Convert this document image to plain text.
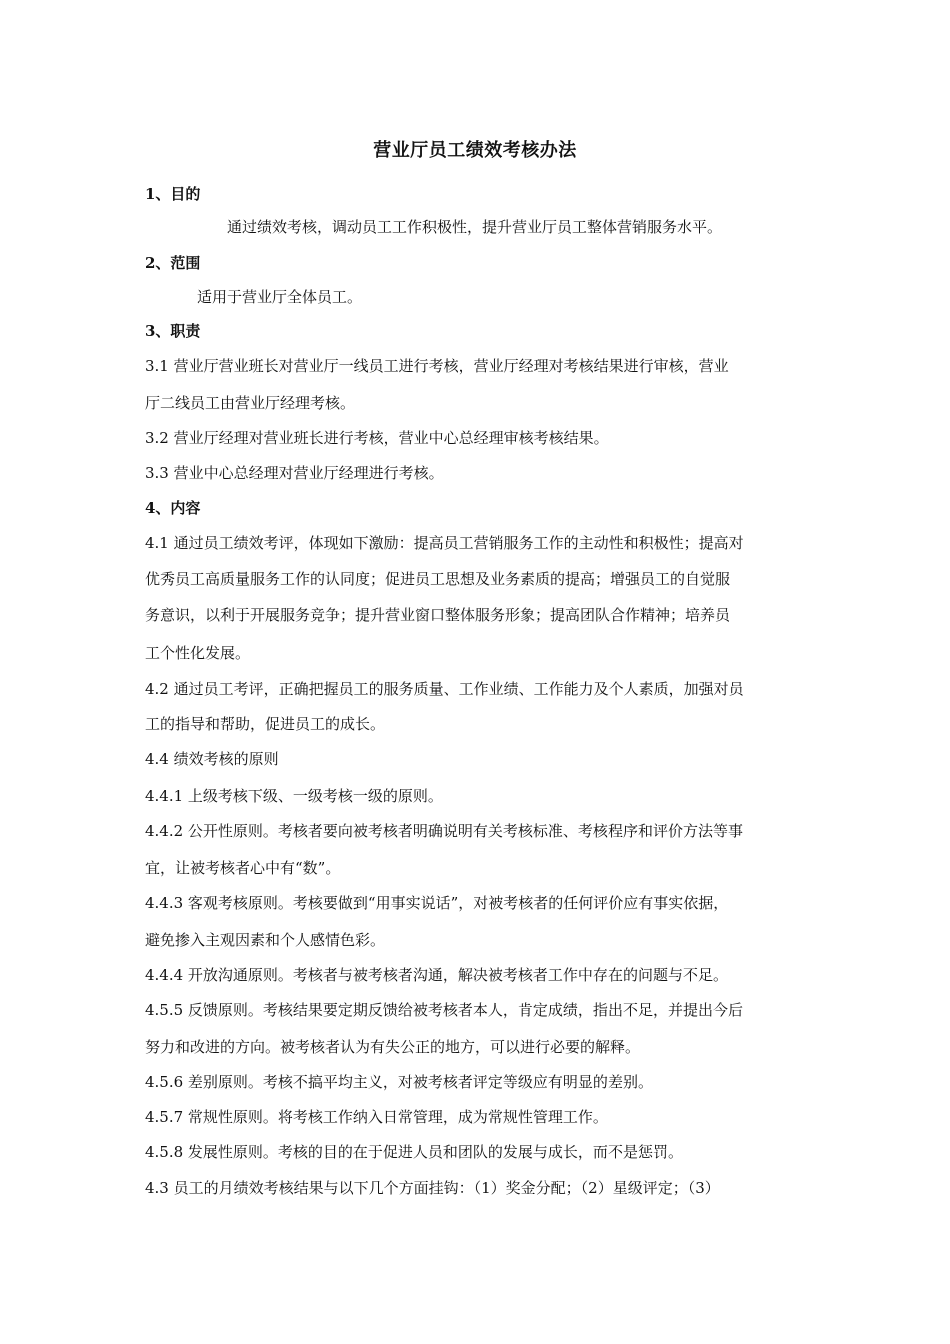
营业厅员工绩效考核办法
1、目的
通过绩效考核，调动员工工作积极性，提升营业厅员工整体营销服务水平。
2、范围
适用于营业厅全体员工。
3、职责
3.1 营业厅营业班长对营业厅一线员工进行考核，营业厅经理对考核结果进行审核，营业
厅二线员工由营业厅经理考核。
3.2 营业厅经理对营业班长进行考核，营业中心总经理审核考核结果。
3.3 营业中心总经理对营业厅经理进行考核。
4、内容
4.1 通过员工绩效考评，体现如下激励：提高员工营销服务工作的主动性和积极性；提高对
优秀员工高质量服务工作的认同度；促进员工思想及业务素质的提高；增强员工的自觉服
务意识，以利于开展服务竞争；提升营业窗口整体服务形象；提高团队合作精神；培养员
工个性化发展。
4.2 通过员工考评，正确把握员工的服务质量、工作业绩、工作能力及个人素质，加强对员
工的指导和帮助，促进员工的成长。
4.4 绩效考核的原则
4.4.1 上级考核下级、一级考核一级的原则。
4.4.2 公开性原则。考核者要向被考核者明确说明有关考核标准、考核程序和评价方法等事
宜，让被考核者心中有“数”。
4.4.3 客观考核原则。考核要做到“用事实说话”，对被考核者的任何评价应有事实依据，
避免掺入主观因素和个人感情色彩。
4.4.4 开放沟通原则。考核者与被考核者沟通，解决被考核者工作中存在的问题与不足。
4.5.5 反馈原则。考核结果要定期反馈给被考核者本人，肯定成绩，指出不足，并提出今后
努力和改进的方向。被考核者认为有失公正的地方，可以进行必要的解释。
4.5.6 差别原则。考核不搞平均主义，对被考核者评定等级应有明显的差别。
4.5.7 常规性原则。将考核工作纳入日常管理，成为常规性管理工作。
4.5.8 发展性原则。考核的目的在于促进人员和团队的发展与成长，而不是惩罚。
4.3 员工的月绩效考核结果与以下几个方面挂钩：（1）奖金分配；（2）星级评定；（3）
